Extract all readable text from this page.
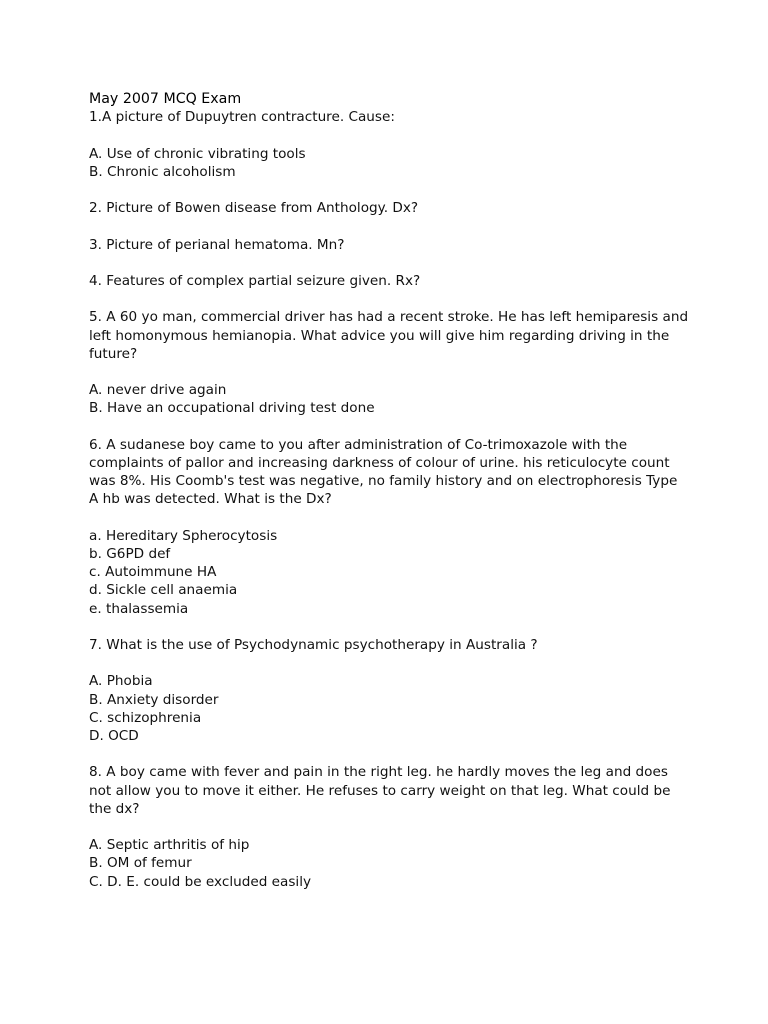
May 2007 MCQ Exam

1.A picture of Dupuytren contracture. Cause:

A. Use of chronic vibrating tools

B. Chronic alcoholism

2. Picture of Bowen disease from Anthology. Dx?

3. Picture of perianal hematoma. Mn?

4. Features of complex partial seizure given. Rx?

5. A 60 yo man, commercial driver has had a recent stroke. He has left hemiparesis and

left homonymous hemianopia. What advice you will give him regarding driving in the

future?

A. never drive again

B. Have an occupational driving test done

6. A sudanese boy came to you after administration of Co-trimoxazole with the

complaints of pallor and increasing darkness of colour of urine. his reticulocyte count

was 8%. His Coomb's test was negative, no family history and on electrophoresis Type

A hb was detected. What is the Dx?

a. Hereditary Spherocytosis

b. G6PD def

c. Autoimmune HA

d. Sickle cell anaemia

e. thalassemia

7. What is the use of Psychodynamic psychotherapy in Australia ?

A. Phobia

B. Anxiety disorder

C. schizophrenia

D. OCD

8. A boy came with fever and pain in the right leg. he hardly moves the leg and does

not allow you to move it either. He refuses to carry weight on that leg. What could be

the dx?

A. Septic arthritis of hip

B. OM of femur

C. D. E. could be excluded easily
